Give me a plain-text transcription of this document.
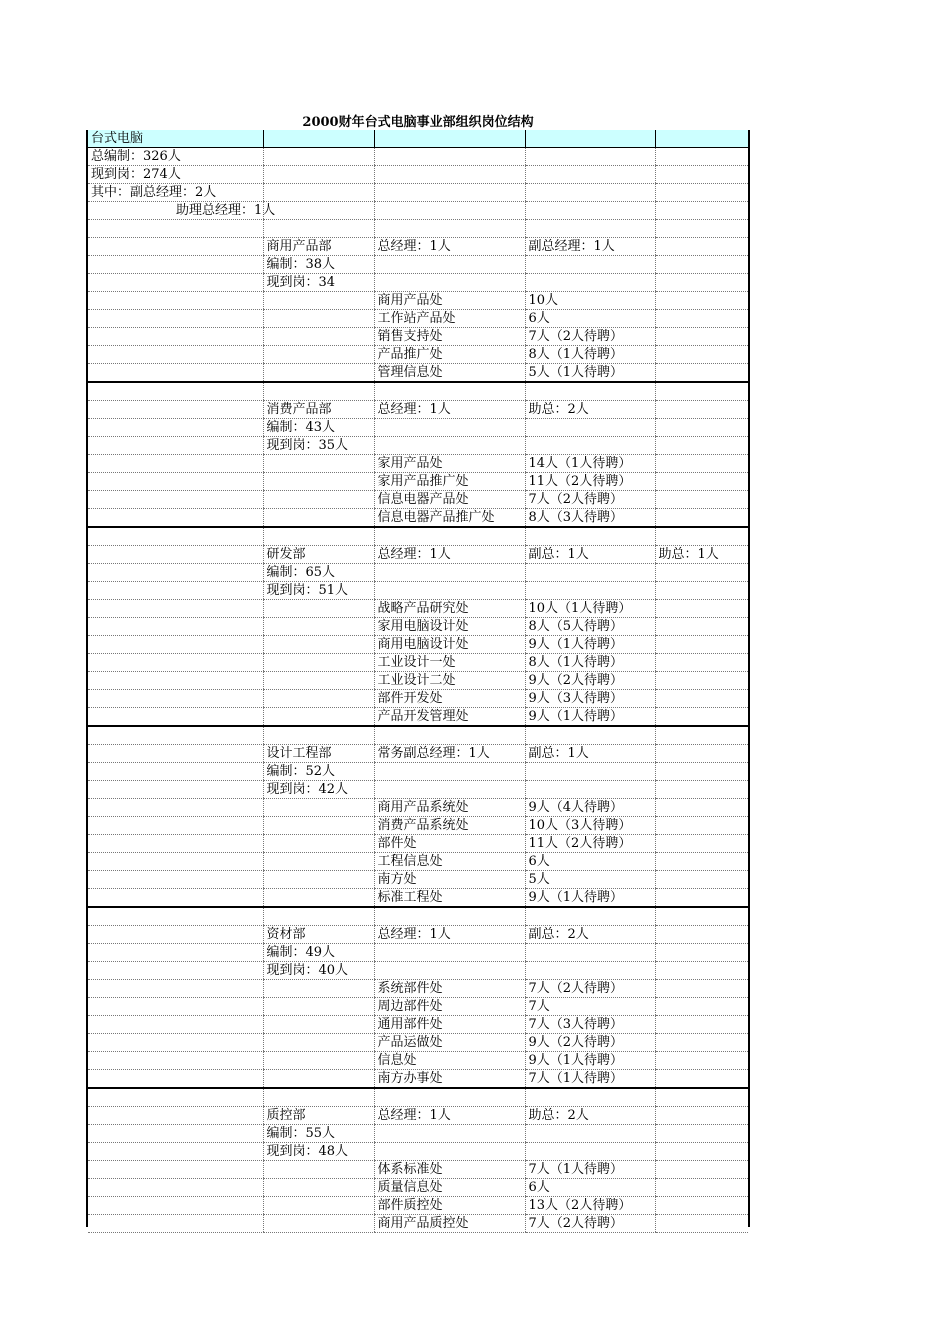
2000财年台式电脑事业部组织岗位结构
台式电脑				
总编制：326人				
现到岗：274人				
其中：副总经理：2人				
助理总经理：1人				

	商用产品部	总经理：1人	副总经理：1人	
	编制：38人			
	现到岗：34			
		商用产品处	10人	
		工作站产品处	6人	
		销售支持处	7人（2人待聘）	
		产品推广处	8人（1人待聘）	
		管理信息处	5人（1人待聘）	

	消费产品部	总经理：1人	助总：2人	
	编制：43人			
	现到岗：35人			
		家用产品处	14人（1人待聘）	
		家用产品推广处	11人（2人待聘）	
		信息电器产品处	7人（2人待聘）	
		信息电器产品推广处	8人（3人待聘）	

	研发部	总经理：1人	副总：1人	助总：1人
	编制：65人			
	现到岗：51人			
		战略产品研究处	10人（1人待聘）	
		家用电脑设计处	8人（5人待聘）	
		商用电脑设计处	9人（1人待聘）	
		工业设计一处	8人（1人待聘）	
		工业设计二处	9人（2人待聘）	
		部件开发处	9人（3人待聘）	
		产品开发管理处	9人（1人待聘）	

	设计工程部	常务副总经理：1人	副总：1人	
	编制：52人			
	现到岗：42人			
		商用产品系统处	9人（4人待聘）	
		消费产品系统处	10人（3人待聘）	
		部件处	11人（2人待聘）	
		工程信息处	6人	
		南方处	5人	
		标准工程处	9人（1人待聘）	

	资材部	总经理：1人	副总：2人	
	编制：49人			
	现到岗：40人			
		系统部件处	7人（2人待聘）	
		周边部件处	7人	
		通用部件处	7人（3人待聘）	
		产品运做处	9人（2人待聘）	
		信息处	9人（1人待聘）	
		南方办事处	7人（1人待聘）	

	质控部	总经理：1人	助总：2人	
	编制：55人			
	现到岗：48人			
		体系标准处	7人（1人待聘）	
		质量信息处	6人	
		部件质控处	13人（2人待聘）	
		商用产品质控处	7人（2人待聘）	
